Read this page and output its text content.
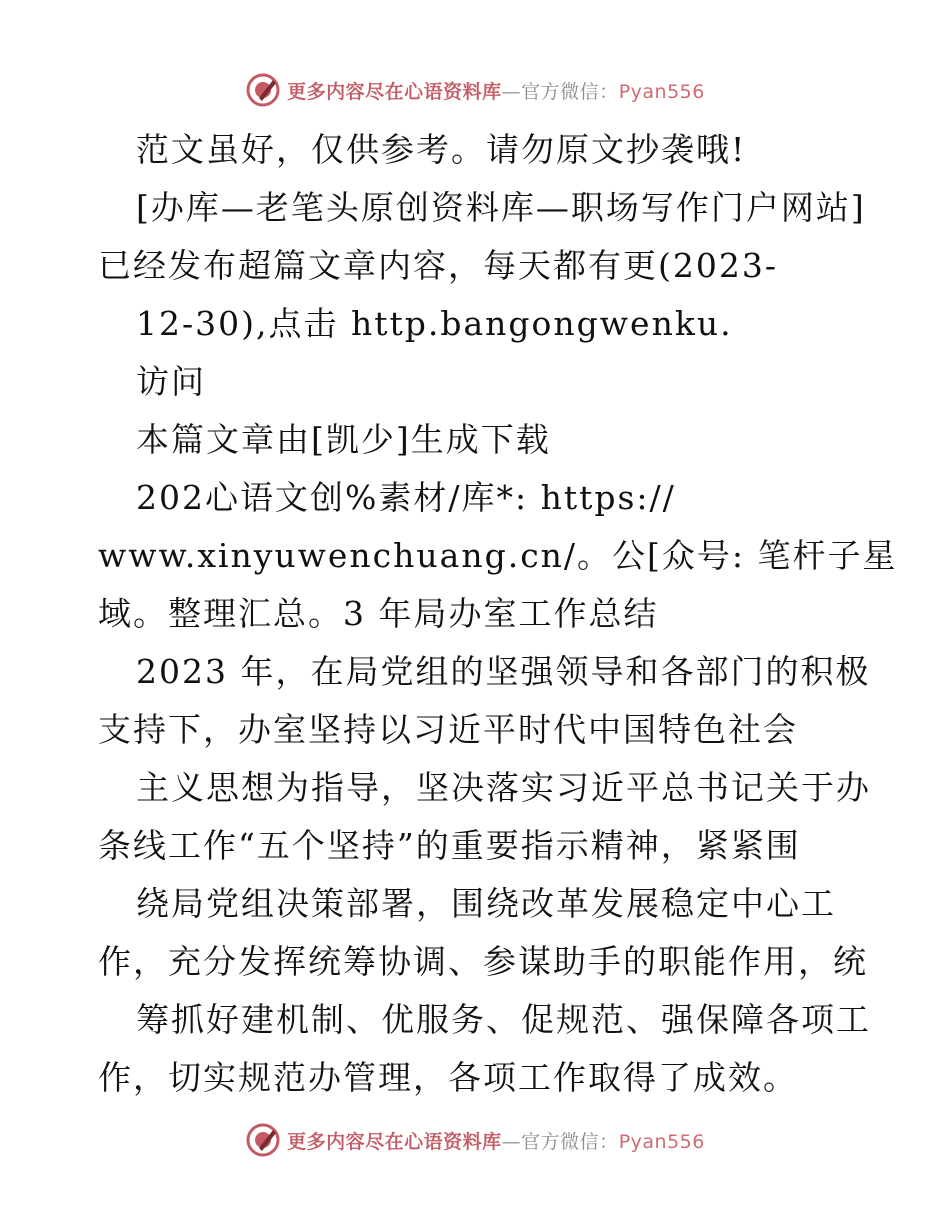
更多内容尽在心语资料库—官方微信：Pyan556
范文虽好，仅供参考。请勿原文抄袭哦!
[办库—老笔头原创资料库—职场写作门户网站]
已经发布超篇文章内容，每天都有更(2023-
12-30),点击 http.bangongwenku.
访问
本篇文章由[凯少]生成下载
202心语文创%素材/库*: https://
www.xinyuwenchuang.cn/。公[众号: 笔杆子星
域。整理汇总。3 年局办室工作总结
2023 年，在局党组的坚强领导和各部门的积极
支持下，办室坚持以习近平时代中国特色社会
主义思想为指导，坚决落实习近平总书记关于办
条线工作“五个坚持”的重要指示精神，紧紧围
绕局党组决策部署，围绕改革发展稳定中心工
作，充分发挥统筹协调、参谋助手的职能作用，统
筹抓好建机制、优服务、促规范、强保障各项工
作，切实规范办管理，各项工作取得了成效。
更多内容尽在心语资料库—官方微信：Pyan556
